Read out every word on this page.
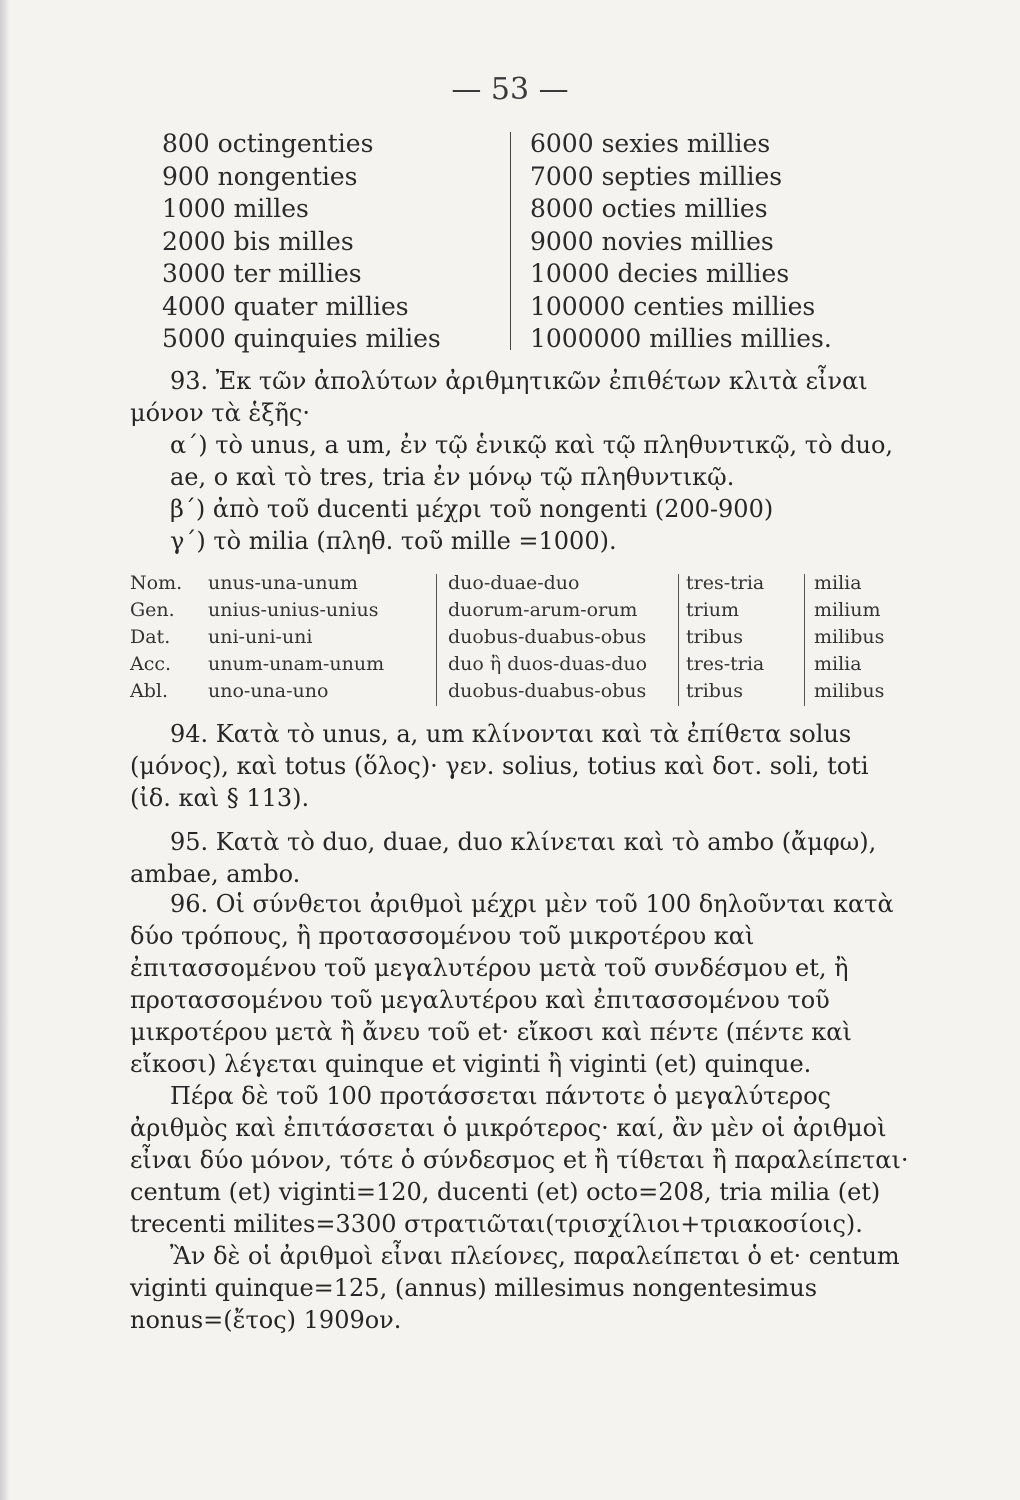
— 53 —
800 octingenties
900 nongenties
1000 milles
2000 bis milles
3000 ter millies
4000 quater millies
5000 quinquies milies
6000 sexies millies
7000 septies millies
8000 octies millies
9000 novies millies
10000 decies millies
100000 centies millies
1000000 millies millies.

93. Ἐκ τῶν ἀπολύτων ἀριθμητικῶν ἐπιθέτων κλιτὰ εἶναι μόνον τὰ ἑξῆς·

α΄) τὸ unus, a um, ἐν τῷ ἑνικῷ καὶ τῷ πληθυντικῷ, τὸ duo, ae, o καὶ τὸ tres, tria ἐν μόνῳ τῷ πληθυντικῷ.

β΄) ἀπὸ τοῦ ducenti μέχρι τοῦ nongenti (200-900)

γ΄) τὸ milia (πληθ. τοῦ mille =1000).

Nom.
Gen.
Dat.
Acc.
Abl.
unus-una-unum
unius-unius-unius
uni-uni-uni
unum-unam-unum
uno-una-uno
duo-duae-duo
duorum-arum-orum
duobus-duabus-obus
duo ἢ duos-duas-duo
duobus-duabus-obus
tres-tria
trium
tribus
tres-tria
tribus
milia
milium
milibus
milia
milibus

94. Κατὰ τὸ unus, a, um κλίνονται καὶ τὰ ἐπίθετα solus (μόνος), καὶ totus (ὅλος)· γεν. solius, totius καὶ δοτ. soli, toti (ἰδ. καὶ § 113).

95. Κατὰ τὸ duo, duae, duo κλίνεται καὶ τὸ ambo (ἄμφω), ambae, ambo.

96. Οἱ σύνθετοι ἀριθμοὶ μέχρι μὲν τοῦ 100 δηλοῦνται κατὰ δύο τρόπους, ἢ προτασσομένου τοῦ μικροτέρου καὶ ἐπιτασσομένου τοῦ μεγαλυτέρου μετὰ τοῦ συνδέσμου et, ἢ προτασσομένου τοῦ μεγαλυτέρου καὶ ἐπιτασσομένου τοῦ μικροτέρου μετὰ ἢ ἄνευ τοῦ et· εἴκοσι καὶ πέντε (πέντε καὶ εἴκοσι) λέγεται quinque et viginti ἢ viginti (et) quinque.

Πέρα δὲ τοῦ 100 προτάσσεται πάντοτε ὁ μεγαλύτερος ἀριθμὸς καὶ ἐπιτάσσεται ὁ μικρότερος· καί, ἂν μὲν οἱ ἀριθμοὶ εἶναι δύο μόνον, τότε ὁ σύνδεσμος et ἢ τίθεται ἢ παραλείπεται· centum (et) viginti=120, ducenti (et) octo=208, tria milia (et) trecenti milites=3300 στρατιῶται(τρισχίλιοι+τριακοσίοις).

Ἂν δὲ οἱ ἀριθμοὶ εἶναι πλείονες, παραλείπεται ὁ et· centum viginti quinque=125, (annus) millesimus nongentesimus nonus=(ἔτος) 1909ον.
